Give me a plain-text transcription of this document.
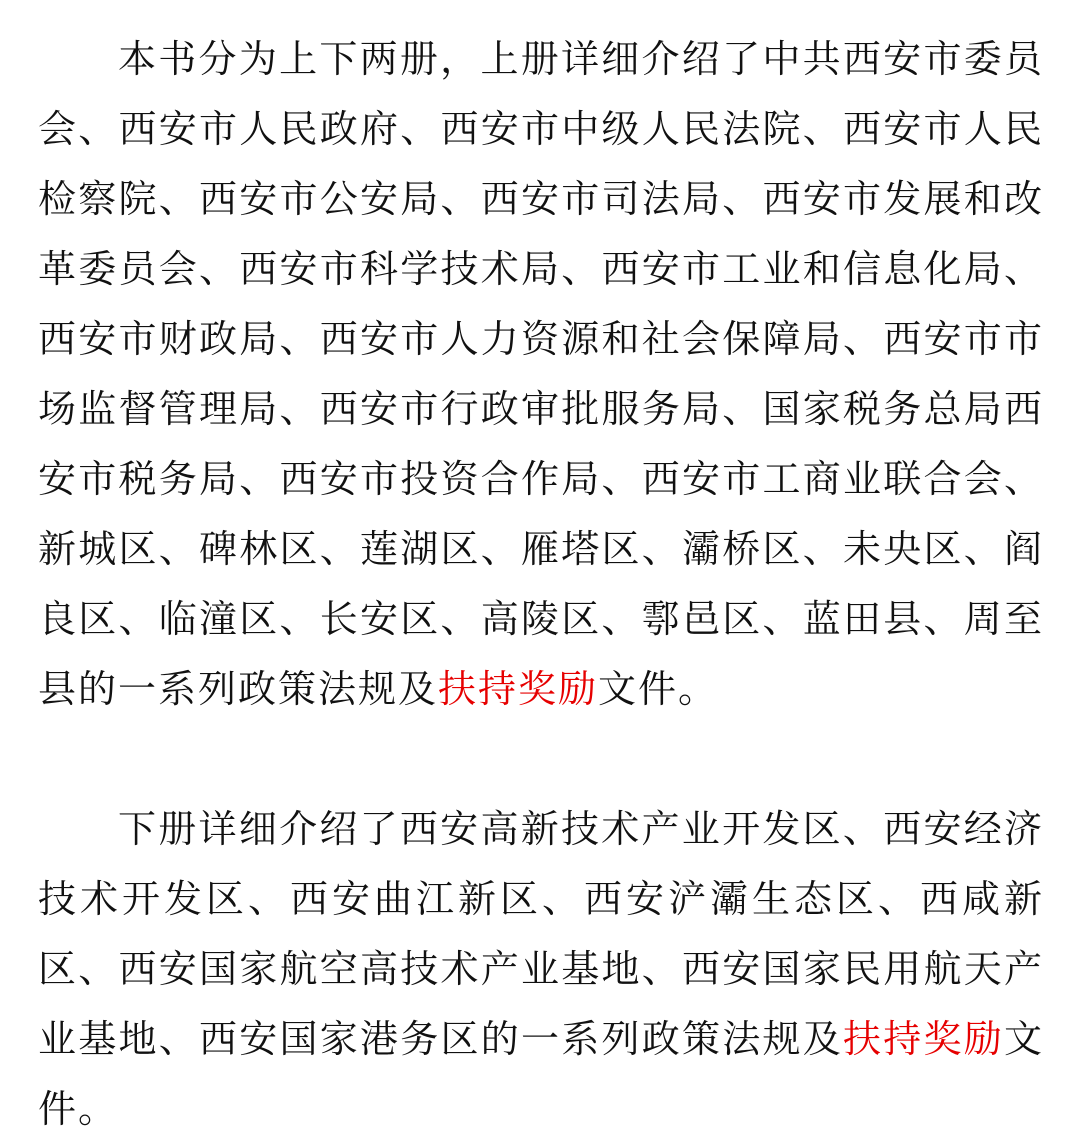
本书分为上下两册，上册详细介绍了中共西安市委员会、西安市人民政府、西安市中级人民法院、西安市人民检察院、西安市公安局、西安市司法局、西安市发展和改革委员会、西安市科学技术局、西安市工业和信息化局、西安市财政局、西安市人力资源和社会保障局、西安市市场监督管理局、西安市行政审批服务局、国家税务总局西安市税务局、西安市投资合作局、西安市工商业联合会、新城区、碑林区、莲湖区、雁塔区、灞桥区、未央区、阎良区、临潼区、长安区、高陵区、鄠邑区、蓝田县、周至县的一系列政策法规及扶持奖励文件。

下册详细介绍了西安高新技术产业开发区、西安经济技术开发区、西安曲江新区、西安浐灞生态区、西咸新区、西安国家航空高技术产业基地、西安国家民用航天产业基地、西安国家港务区的一系列政策法规及扶持奖励文件。
